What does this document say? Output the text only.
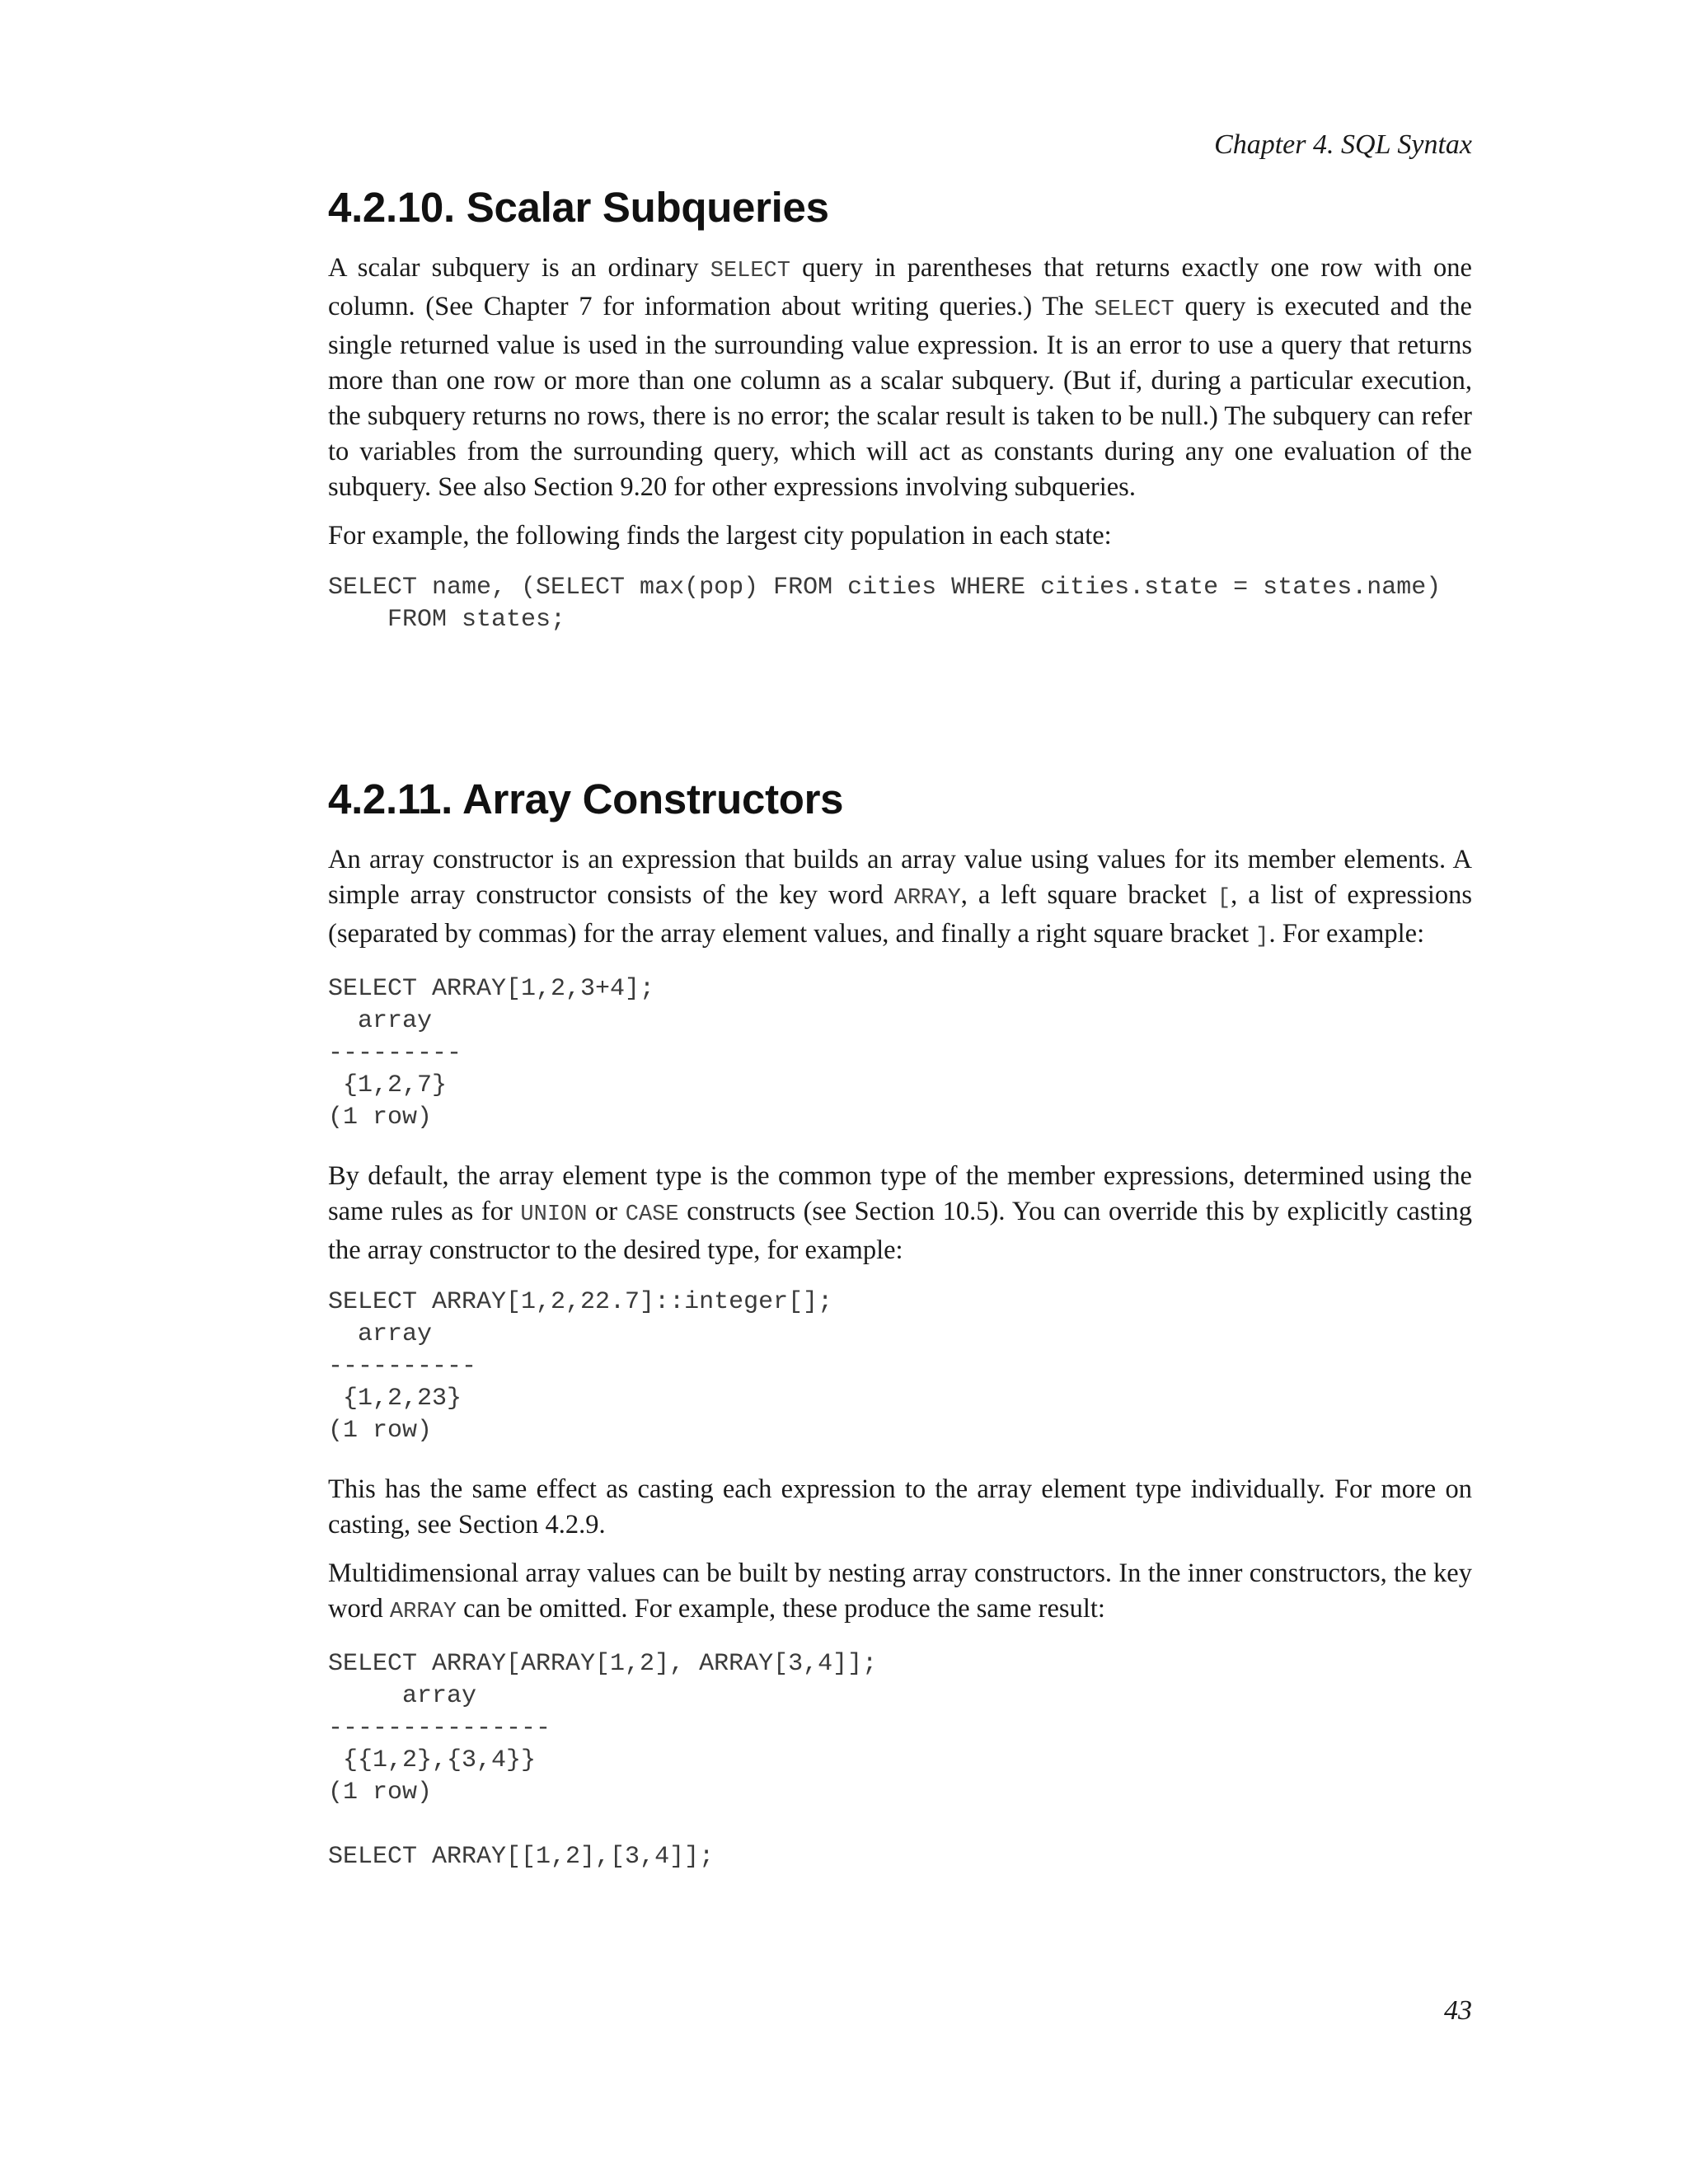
Chapter 4. SQL Syntax
4.2.10. Scalar Subqueries

A scalar subquery is an ordinary SELECT query in parentheses that returns exactly one row with one column. (See Chapter 7 for information about writing queries.) The SELECT query is executed and the single returned value is used in the surrounding value expression. It is an error to use a query that returns more than one row or more than one column as a scalar subquery. (But if, during a particular execution, the subquery returns no rows, there is no error; the scalar result is taken to be null.) The subquery can refer to variables from the surrounding query, which will act as constants during any one evaluation of the subquery. See also Section 9.20 for other expressions involving subqueries.

For example, the following finds the largest city population in each state:

SELECT name, (SELECT max(pop) FROM cities WHERE cities.state = states.name)
FROM states;
4.2.11. Array Constructors

An array constructor is an expression that builds an array value using values for its member elements. A simple array constructor consists of the key word ARRAY, a left square bracket [, a list of expressions (separated by commas) for the array element values, and finally a right square bracket ]. For example:

SELECT ARRAY[1,2,3+4];
array
---------
{1,2,7}
(1 row)

By default, the array element type is the common type of the member expressions, determined using the same rules as for UNION or CASE constructs (see Section 10.5). You can override this by explicitly casting the array constructor to the desired type, for example:

SELECT ARRAY[1,2,22.7]::integer[];
array
----------
{1,2,23}
(1 row)

This has the same effect as casting each expression to the array element type individually. For more on casting, see Section 4.2.9.

Multidimensional array values can be built by nesting array constructors. In the inner constructors, the key word ARRAY can be omitted. For example, these produce the same result:

SELECT ARRAY[ARRAY[1,2], ARRAY[3,4]];
array
---------------
{{1,2},{3,4}}
(1 row)

SELECT ARRAY[[1,2],[3,4]];
43
